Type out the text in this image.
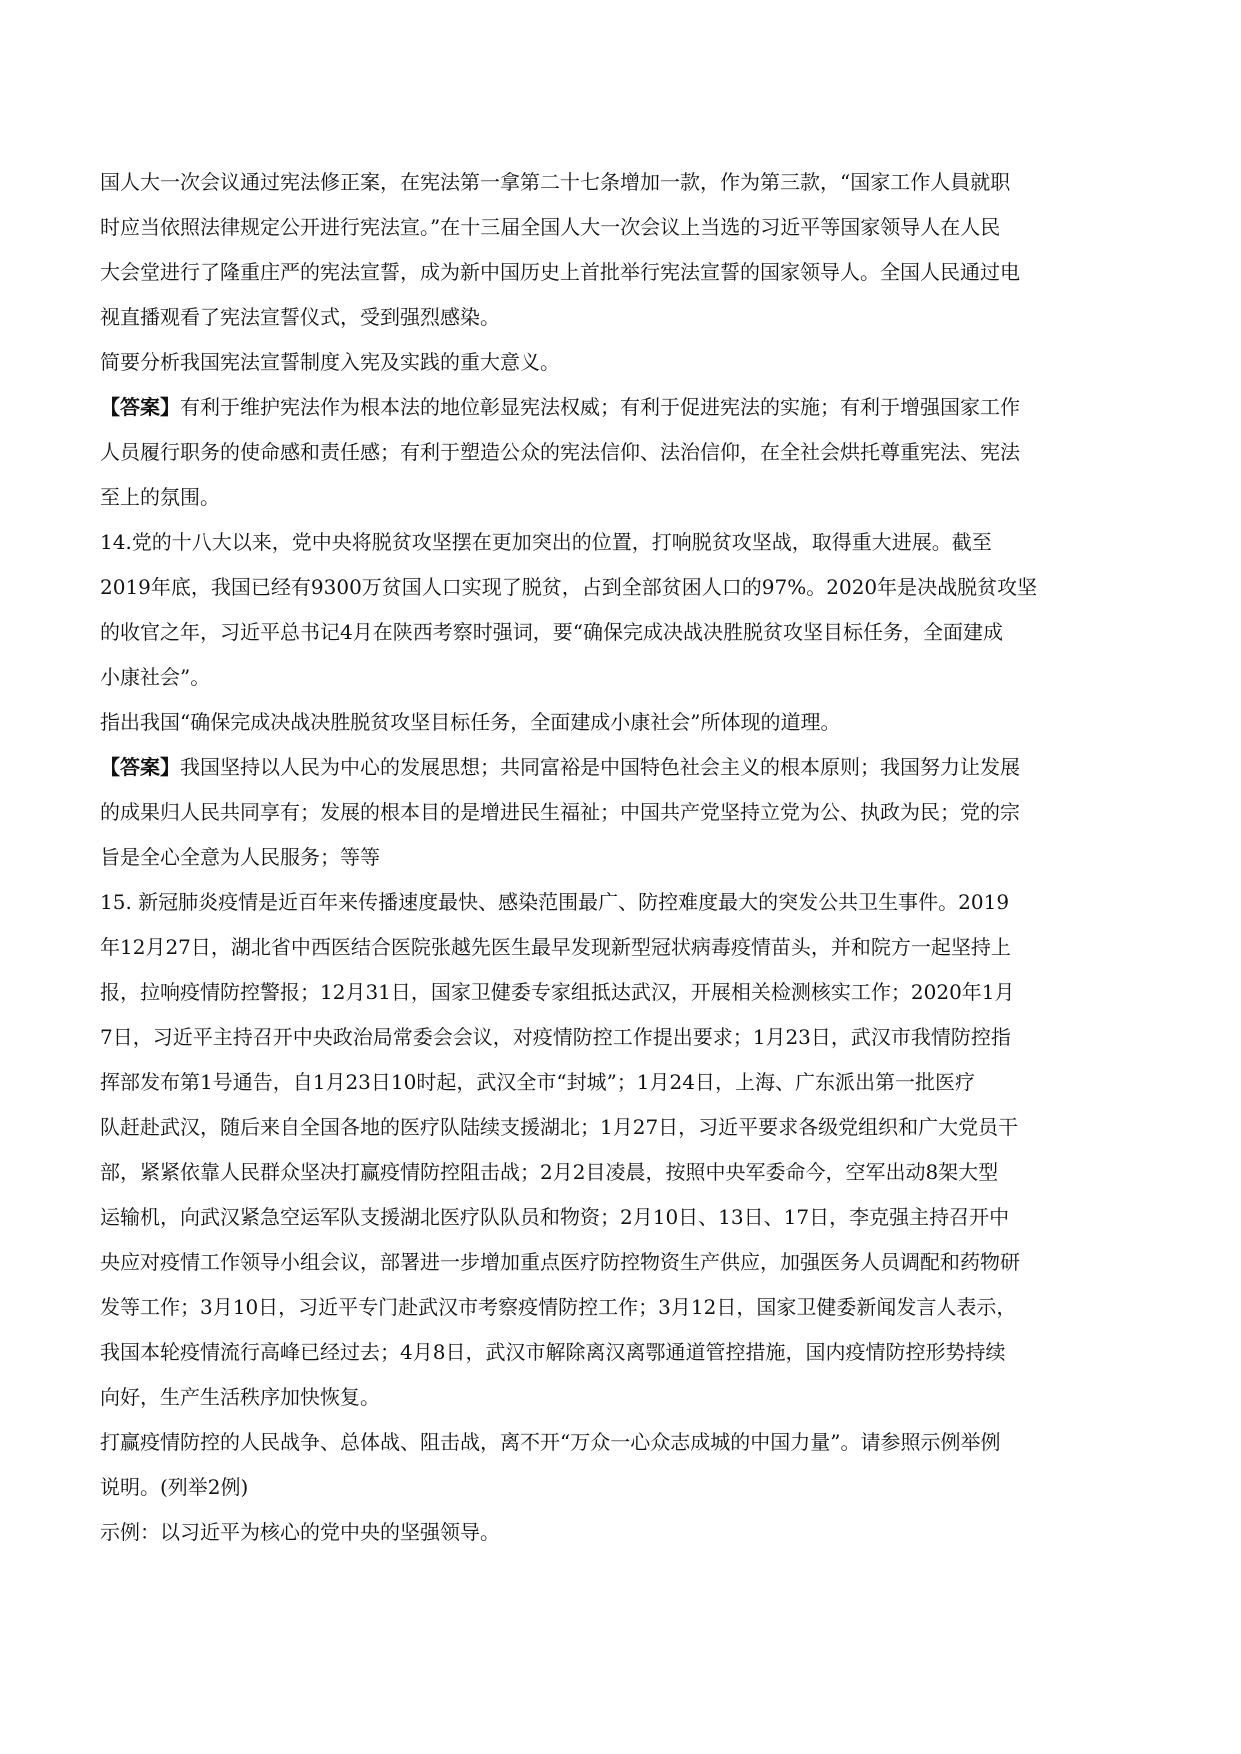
国人大一次会议通过宪法修正案，在宪法第一拿第二十七条增加一款，作为第三款，“国家工作人員就职
时应当依照法律规定公开进行宪法宣。”在十三届全国人大一次会议上当选的习近平等国家领导人在人民
大会堂进行了隆重庄严的宪法宣誓，成为新中国历史上首批举行宪法宣誓的国家领导人。全国人民通过电
视直播观看了宪法宣誓仪式，受到强烈感染。
简要分析我国宪法宣誓制度入宪及实践的重大意义。
【答案】有利于维护宪法作为根本法的地位彰显宪法权威；有利于促进宪法的实施；有利于增强国家工作
人员履行职务的使命感和责任感；有利于塑造公众的宪法信仰、法治信仰，在全社会烘托尊重宪法、宪法
至上的氛围。
14.党的十八大以来，党中央将脱贫攻坚摆在更加突出的位置，打响脱贫攻坚战，取得重大进展。截至
2019年底，我国已经有9300万贫国人口实现了脱贫，占到全部贫困人口的97%。2020年是决战脱贫攻坚
的收官之年，习近平总书记4月在陕西考察时强词，要“确保完成决战决胜脱贫攻坚目标任务，全面建成
小康社会”。
指出我国“确保完成决战决胜脱贫攻坚目标任务，全面建成小康社会”所体现的道理。
【答案】我国坚持以人民为中心的发展思想；共同富裕是中国特色社会主义的根本原则；我国努力让发展
的成果归人民共同享有；发展的根本目的是增进民生福祉；中国共产党坚持立党为公、执政为民；党的宗
旨是全心全意为人民服务；等等
15. 新冠肺炎疫情是近百年来传播速度最快、感染范围最广、防控难度最大的突发公共卫生事件。2019
年12月27日，湖北省中西医结合医院张越先医生最早发现新型冠状病毒疫情苗头，并和院方一起坚持上
报，拉响疫情防控警报；12月31日，国家卫健委专家组抵达武汉，开展相关检测核实工作；2020年1月
7日，习近平主持召开中央政治局常委会会议，对疫情防控工作提出要求；1月23日，武汉市我情防控指
挥部发布第1号通告，自1月23日10时起，武汉全市“封城”；1月24日，上海、广东派出第一批医疗
队赶赴武汉，随后来自全国各地的医疗队陆续支援湖北；1月27日，习近平要求各级党组织和广大党员干
部，紧紧依靠人民群众坚决打赢疫情防控阻击战；2月2目凌晨，按照中央军委命今，空军出动8架大型
运输机，向武汉紧急空运军队支援湖北医疗队队员和物资；2月10日、13日、17日，李克强主持召开中
央应对疫情工作领导小组会议，部署进一步增加重点医疗防控物资生产供应，加强医务人员调配和药物研
发等工作；3月10日，习近平专门赴武汉市考察疫情防控工作；3月12日，国家卫健委新闻发言人表示，
我国本轮疫情流行高峰已经过去；4月8日，武汉市解除离汉离鄂通道管控措施，国内疫情防控形势持续
向好，生产生活秩序加快恢复。
打赢疫情防控的人民战争、总体战、阻击战，离不开“万众一心众志成城的中国力量”。请参照示例举例
说明。(列举2例)
示例：以习近平为核心的党中央的坚强领导。
